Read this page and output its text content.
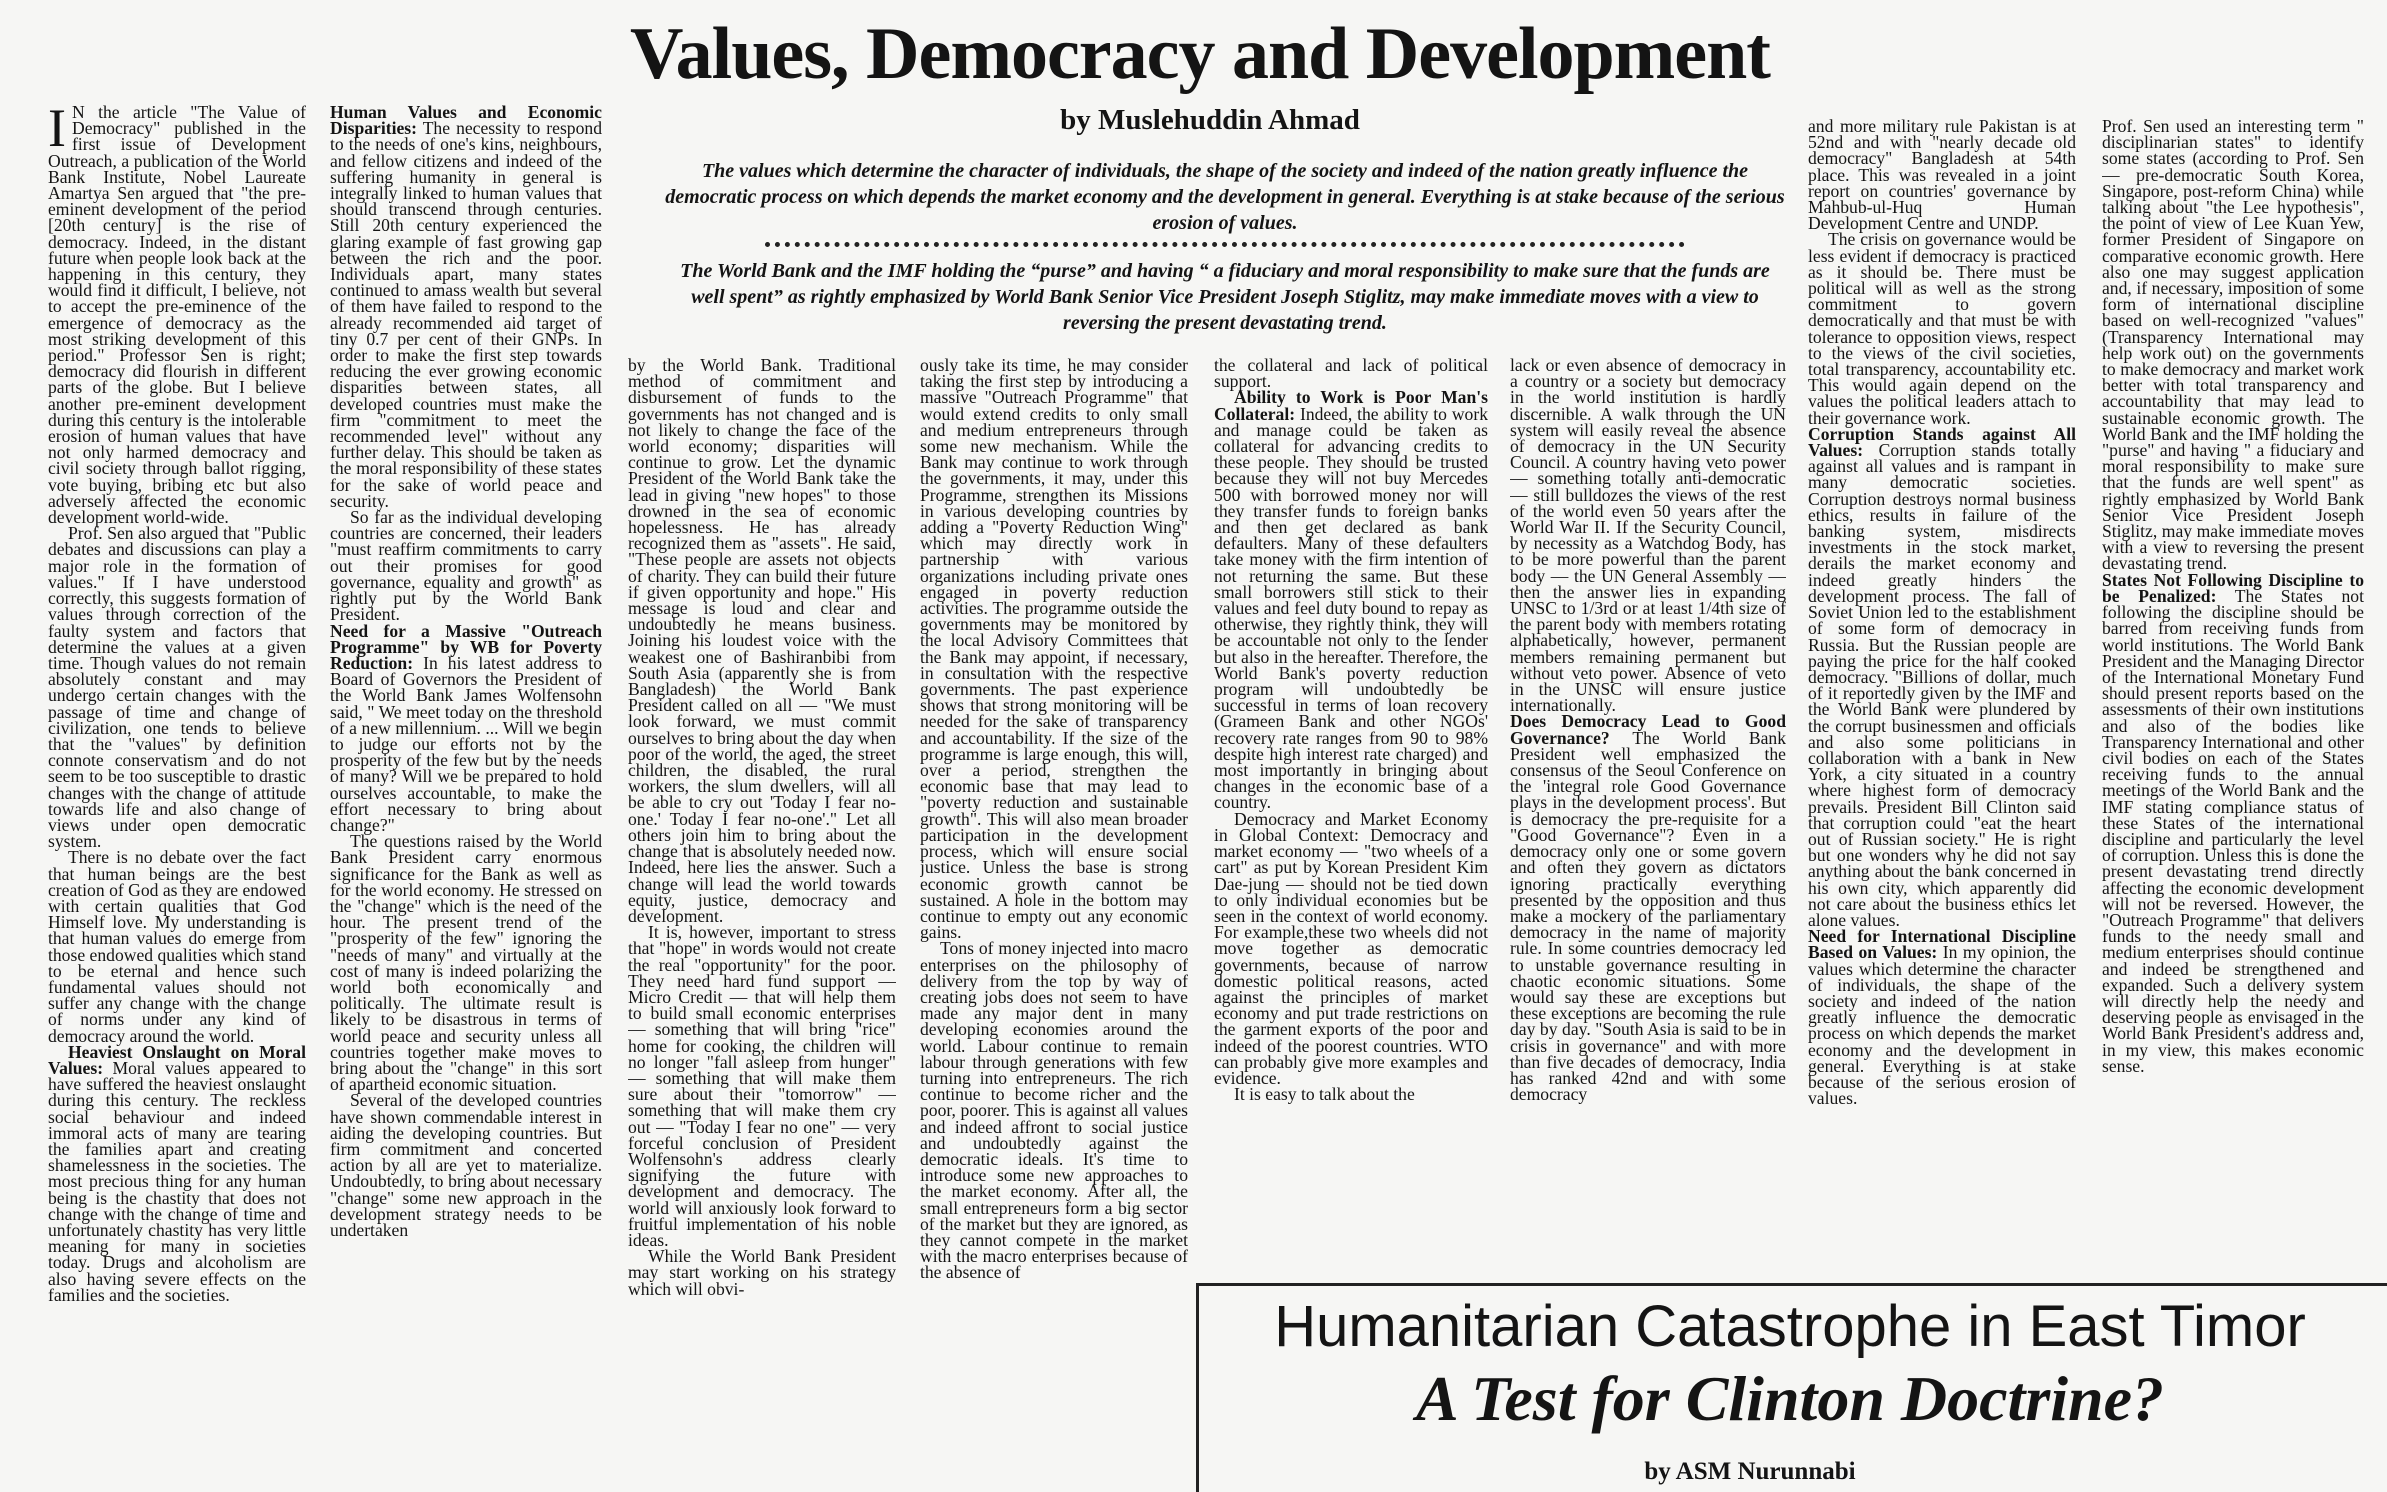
Values, Democracy and Development

by Muslehuddin Ahmad

The values which determine the character of individuals, the shape of the society and indeed of the nation greatly influence the democratic process on which depends the market economy and the development in general. Everything is at stake because of the serious erosion of values.

The World Bank and the IMF holding the “purse” and having “ a fiduciary and moral responsibility to make sure that the funds are well spent” as rightly emphasized by World Bank Senior Vice President Joseph Stiglitz, may make immediate moves with a view to reversing the present devastating trend.

I N the article "The Value of Democracy" published in the first issue of Development Outreach, a publication of the World Bank Institute, Nobel Laureate Amartya Sen argued that "the pre-eminent development of the period [20th century] is the rise of democracy. Indeed, in the distant future when people look back at the happening in this century, they would find it difficult, I believe, not to accept the pre-eminence of the emergence of democracy as the most striking development of this period." Professor Sen is right; democracy did flourish in different parts of the globe. But I believe another pre-eminent development during this century is the intolerable erosion of human values that have not only harmed democracy and civil society through ballot rigging, vote buying, bribing etc but also adversely affected the economic development world-wide.

Prof. Sen also argued that "Public debates and discussions can play a major role in the formation of values." If I have understood correctly, this suggests formation of values through correction of the faulty system and factors that determine the values at a given time. Though values do not remain absolutely constant and may undergo certain changes with the passage of time and change of civilization, one tends to believe that the "values" by definition connote conservatism and do not seem to be too susceptible to drastic changes with the change of attitude towards life and also change of views under open democratic system.

There is no debate over the fact that human beings are the best creation of God as they are endowed with certain qualities that God Himself love. My understanding is that human values do emerge from those endowed qualities which stand to be eternal and hence such fundamental values should not suffer any change with the change of norms under any kind of democracy around the world.

Heaviest Onslaught on Moral Values: Moral values appeared to have suffered the heaviest onslaught during this century. The reckless social behaviour and indeed immoral acts of many are tearing the families apart and creating shamelessness in the societies. The most precious thing for any human being is the chastity that does not change with the change of time and unfortunately chastity has very little meaning for many in societies today. Drugs and alcoholism are also having severe effects on the families and the societies.

Human Values and Economic Disparities: The necessity to respond to the needs of one's kins, neighbours, and fellow citizens and indeed of the suffering humanity in general is integrally linked to human values that should transcend through centuries. Still 20th century experienced the glaring example of fast growing gap between the rich and the poor. Individuals apart, many states continued to amass wealth but several of them have failed to respond to the already recommended aid target of tiny 0.7 per cent of their GNPs. In order to make the first step towards reducing the ever growing economic disparities between states, all developed countries must make the firm "commitment to meet the recommended level" without any further delay. This should be taken as the moral responsibility of these states for the sake of world peace and security.

So far as the individual developing countries are concerned, their leaders "must reaffirm commitments to carry out their promises for good governance, equality and growth" as rightly put by the World Bank President.

Need for a Massive "Outreach Programme" by WB for Poverty Reduction: In his latest address to Board of Governors the President of the World Bank James Wolfensohn said, " We meet today on the threshold of a new millennium. ... Will we begin to judge our efforts not by the prosperity of the few but by the needs of many? Will we be prepared to hold ourselves accountable, to make the effort necessary to bring about change?"

The questions raised by the World Bank President carry enormous significance for the Bank as well as for the world economy. He stressed on the "change" which is the need of the hour. The present trend of the "prosperity of the few" ignoring the "needs of many" and virtually at the cost of many is indeed polarizing the world both economically and politically. The ultimate result is likely to be disastrous in terms of world peace and security unless all countries together make moves to bring about the "change" in this sort of apartheid economic situation.

Several of the developed countries have shown commendable interest in aiding the developing countries. But firm commitment and concerted action by all are yet to materialize. Undoubtedly, to bring about necessary "change" some new approach in the development strategy needs to be undertaken

by the World Bank. Traditional method of commitment and disbursement of funds to the governments has not changed and is not likely to change the face of the world economy; disparities will continue to grow. Let the dynamic President of the World Bank take the lead in giving "new hopes" to those drowned in the sea of economic hopelessness. He has already recognized them as "assets". He said, "These people are assets not objects of charity. They can build their future if given opportunity and hope." His message is loud and clear and undoubtedly he means business. Joining his loudest voice with the weakest one of Bashiranbibi from South Asia (apparently she is from Bangladesh) the World Bank President called on all — "We must look forward, we must commit ourselves to bring about the day when poor of the world, the aged, the street children, the disabled, the rural workers, the slum dwellers, will all be able to cry out 'Today I fear no-one.' Today I fear no-one'." Let all others join him to bring about the change that is absolutely needed now. Indeed, here lies the answer. Such a change will lead the world towards equity, justice, democracy and development.

It is, however, important to stress that "hope" in words would not create the real "opportunity" for the poor. They need hard fund support — Micro Credit — that will help them to build small economic enterprises — something that will bring "rice" home for cooking, the children will no longer "fall asleep from hunger" — something that will make them sure about their "tomorrow" — something that will make them cry out — "Today I fear no one" — very forceful conclusion of President Wolfensohn's address clearly signifying the future with development and democracy. The world will anxiously look forward to fruitful implementation of his noble ideas.

While the World Bank President may start working on his strategy which will obvi-

ously take its time, he may consider taking the first step by introducing a massive "Outreach Programme" that would extend credits to only small and medium entrepreneurs through some new mechanism. While the Bank may continue to work through the governments, it may, under this Programme, strengthen its Missions in various developing countries by adding a "Poverty Reduction Wing" which may directly work in partnership with various organizations including private ones engaged in poverty reduction activities. The programme outside the governments may be monitored by the local Advisory Committees that the Bank may appoint, if necessary, in consultation with the respective governments. The past experience shows that strong monitoring will be needed for the sake of transparency and accountability. If the size of the programme is large enough, this will, over a period, strengthen the economic base that may lead to "poverty reduction and sustainable growth". This will also mean broader participation in the development process, which will ensure social justice. Unless the base is strong economic growth cannot be sustained. A hole in the bottom may continue to empty out any economic gains.

Tons of money injected into macro enterprises on the philosophy of delivery from the top by way of creating jobs does not seem to have made any major dent in many developing economies around the world. Labour continue to remain labour through generations with few turning into entrepreneurs. The rich continue to become richer and the poor, poorer. This is against all values and indeed affront to social justice and undoubtedly against the democratic ideals. It's time to introduce some new approaches to the market economy. After all, the small entrepreneurs form a big sector of the market but they are ignored, as they cannot compete in the market with the macro enterprises because of the absence of

the collateral and lack of political support.

Ability to Work is Poor Man's Collateral: Indeed, the ability to work and manage could be taken as collateral for advancing credits to these people. They should be trusted because they will not buy Mercedes 500 with borrowed money nor will they transfer funds to foreign banks and then get declared as bank defaulters. Many of these defaulters take money with the firm intention of not returning the same. But these small borrowers still stick to their values and feel duty bound to repay as otherwise, they rightly think, they will be accountable not only to the lender but also in the hereafter. Therefore, the World Bank's poverty reduction program will undoubtedly be successful in terms of loan recovery (Grameen Bank and other NGOs' recovery rate ranges from 90 to 98% despite high interest rate charged) and most importantly in bringing about changes in the economic base of a country.

Democracy and Market Economy in Global Context: Democracy and market economy — "two wheels of a cart" as put by Korean President Kim Dae-jung — should not be tied down to only individual economies but be seen in the context of world economy. For example,these two wheels did not move together as democratic governments, because of narrow domestic political reasons, acted against the principles of market economy and put trade restrictions on the garment exports of the poor and indeed of the poorest countries. WTO can probably give more examples and evidence.

It is easy to talk about the

lack or even absence of democracy in a country or a society but democracy in the world institution is hardly discernible. A walk through the UN system will easily reveal the absence of democracy in the UN Security Council. A country having veto power — something totally anti-democratic — still bulldozes the views of the rest of the world even 50 years after the World War II. If the Security Council, by necessity as a Watchdog Body, has to be more powerful than the parent body — the UN General Assembly — then the answer lies in expanding UNSC to 1/3rd or at least 1/4th size of the parent body with members rotating alphabetically, however, permanent members remaining permanent but without veto power. Absence of veto in the UNSC will ensure justice internationally.

Does Democracy Lead to Good Governance? The World Bank President well emphasized the consensus of the Seoul Conference on the 'integral role Good Governance plays in the development process'. But is democracy the pre-requisite for a "Good Governance"? Even in a democracy only one or some govern and often they govern as dictators ignoring practically everything presented by the opposition and thus make a mockery of the parliamentary democracy in the name of majority rule. In some countries democracy led to unstable governance resulting in chaotic economic situations. Some would say these are exceptions but these exceptions are becoming the rule day by day. "South Asia is said to be in crisis in governance" and with more than five decades of democracy, India has ranked 42nd and with some democracy

and more military rule Pakistan is at 52nd and with "nearly decade old democracy" Bangladesh at 54th place. This was revealed in a joint report on countries' governance by Mahbub-ul-Huq Human Development Centre and UNDP.

The crisis on governance would be less evident if democracy is practiced as it should be. There must be political will as well as the strong commitment to govern democratically and that must be with tolerance to opposition views, respect to the views of the civil societies, total transparency, accountability etc. This would again depend on the values the political leaders attach to their governance work.

Corruption Stands against All Values: Corruption stands totally against all values and is rampant in many democratic societies. Corruption destroys normal business ethics, results in failure of the banking system, misdirects investments in the stock market, derails the market economy and indeed greatly hinders the development process. The fall of Soviet Union led to the establishment of some form of democracy in Russia. But the Russian people are paying the price for the half cooked democracy. "Billions of dollar, much of it reportedly given by the IMF and the World Bank were plundered by the corrupt businessmen and officials and also some politicians in collaboration with a bank in New York, a city situated in a country where highest form of democracy prevails. President Bill Clinton said that corruption could "eat the heart out of Russian society." He is right but one wonders why he did not say anything about the bank concerned in his own city, which apparently did not care about the business ethics let alone values.

Need for International Discipline Based on Values: In my opinion, the values which determine the character of individuals, the shape of the society and indeed of the nation greatly influence the democratic process on which depends the market economy and the development in general. Everything is at stake because of the serious erosion of values.

Prof. Sen used an interesting term " disciplinarian states" to identify some states (according to Prof. Sen — pre-democratic South Korea, Singapore, post-reform China) while talking about "the Lee hypothesis", the point of view of Lee Kuan Yew, former President of Singapore on comparative economic growth. Here also one may suggest application and, if necessary, imposition of some form of international discipline based on well-recognized "values" (Transparency International may help work out) on the governments to make democracy and market work better with total transparency and accountability that may lead to sustainable economic growth. The World Bank and the IMF holding the "purse" and having " a fiduciary and moral responsibility to make sure that the funds are well spent" as rightly emphasized by World Bank Senior Vice President Joseph Stiglitz, may make immediate moves with a view to reversing the present devastating trend.

States Not Following Discipline to be Penalized: The States not following the discipline should be barred from receiving funds from world institutions. The World Bank President and the Managing Director of the International Monetary Fund should present reports based on the assessments of their own institutions and also of the bodies like Transparency International and other civil bodies on each of the States receiving funds to the annual meetings of the World Bank and the IMF stating compliance status of these States of the international discipline and particularly the level of corruption. Unless this is done the present devastating trend directly affecting the economic development will not be reversed. However, the "Outreach Programme" that delivers funds to the needy small and medium enterprises should continue and indeed be strengthened and expanded. Such a delivery system will directly help the needy and deserving people as envisaged in the World Bank President's address and, in my view, this makes economic sense.

Humanitarian Catastrophe in East Timor
A Test for Clinton Doctrine?

by ASM Nurunnabi
